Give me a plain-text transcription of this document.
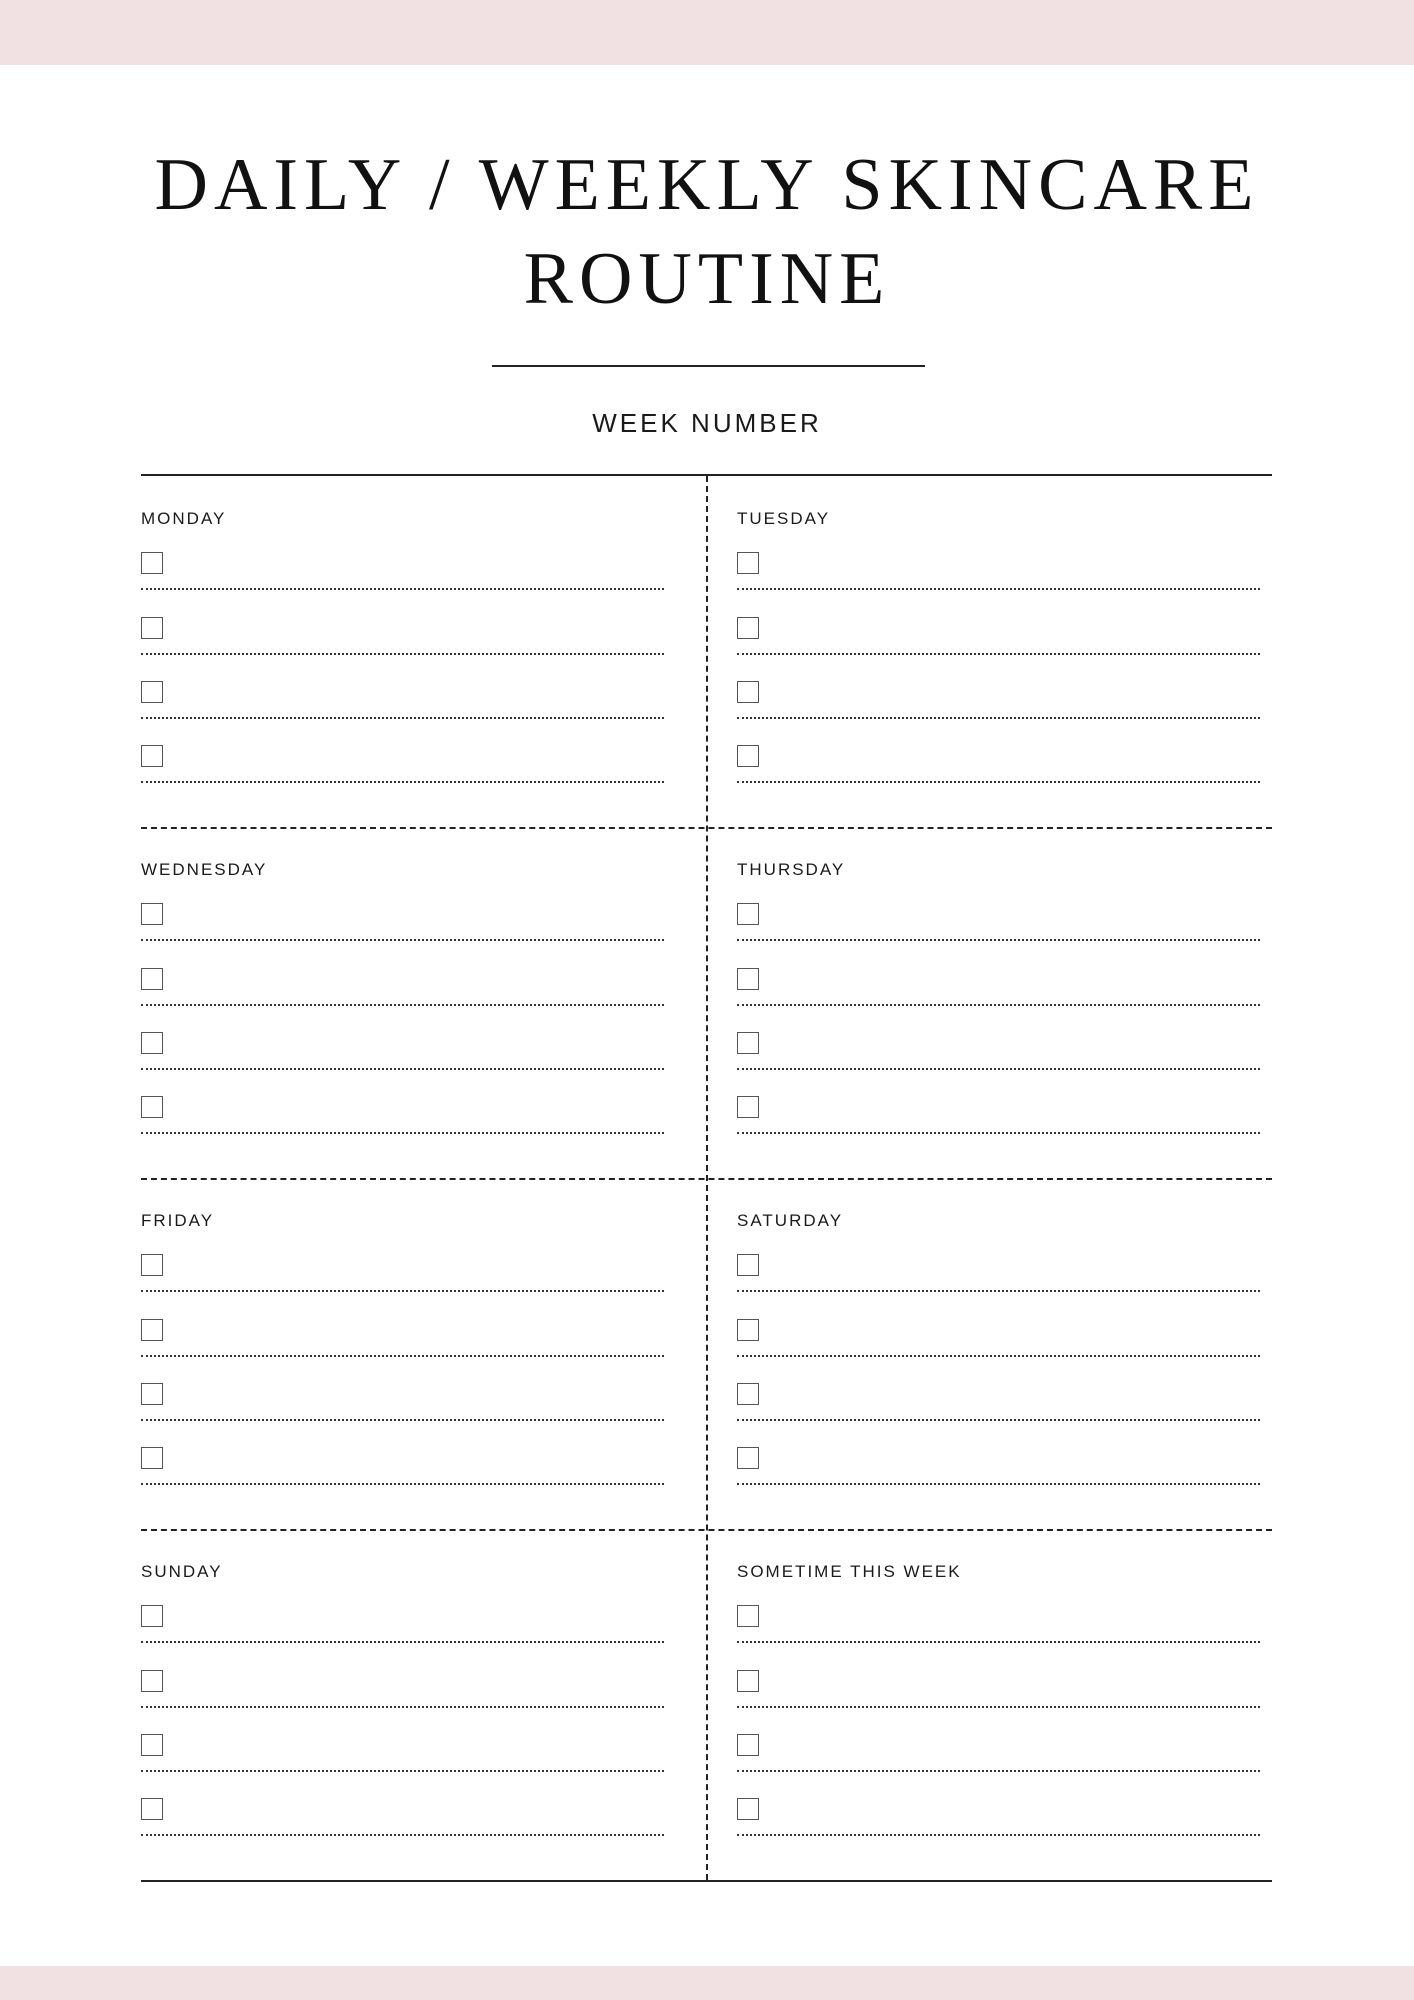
DAILY / WEEKLY SKINCARE
ROUTINE
WEEK NUMBER
MONDAY	TUESDAY
WEDNESDAY	THURSDAY
FRIDAY	SATURDAY
SUNDAY	SOMETIME THIS WEEK
